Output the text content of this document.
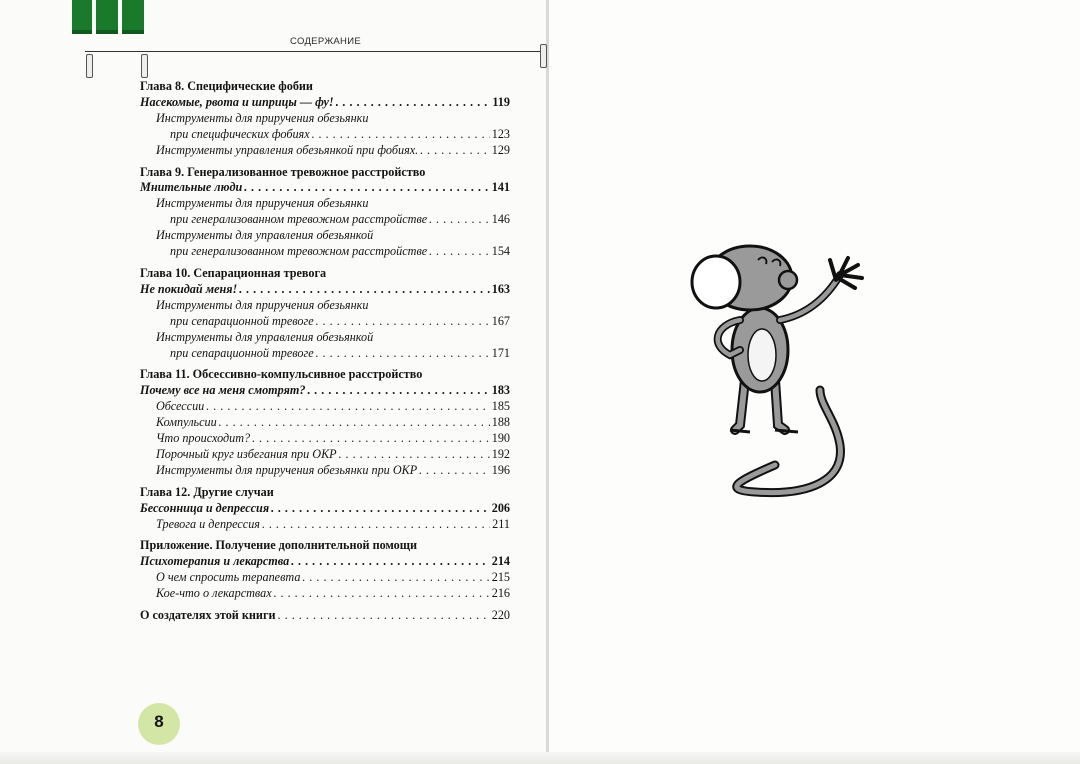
СОДЕРЖАНИЕ
Глава 8. Специфические фобии
Насекомые, рвота и шприцы — фу! . . .	119
Инструменты для приручения обезьянки
при специфических фобиях . . .	123
Инструменты управления обезьянкой при фобиях. . . .	129
Глава 9. Генерализованное тревожное расстройство
Мнительные люди . . .	141
Инструменты для приручения обезьянки
при генерализованном тревожном расстройстве . . .	146
Инструменты для управления обезьянкой
при генерализованном тревожном расстройстве . . .	154
Глава 10. Сепарационная тревога
Не покидай меня! . . .	163
Инструменты для приручения обезьянки
при сепарационной тревоге . . .	167
Инструменты для управления обезьянкой
при сепарационной тревоге . . .	171
Глава 11. Обсессивно-компульсивное расстройство
Почему все на меня смотрят? . . .	183
Обсессии . . .	185
Компульсии . . .	188
Что происходит? . . .	190
Порочный круг избегания при ОКР . . .	192
Инструменты для приручения обезьянки при ОКР . . .	196
Глава 12. Другие случаи
Бессонница и депрессия . . .	206
Тревога и депрессия . . .	211
Приложение. Получение дополнительной помощи
Психотерапия и лекарства . . .	214
О чем спросить терапевта . . .	215
Кое-что о лекарствах . . .	216
О создателях этой книги . . .	220
8
